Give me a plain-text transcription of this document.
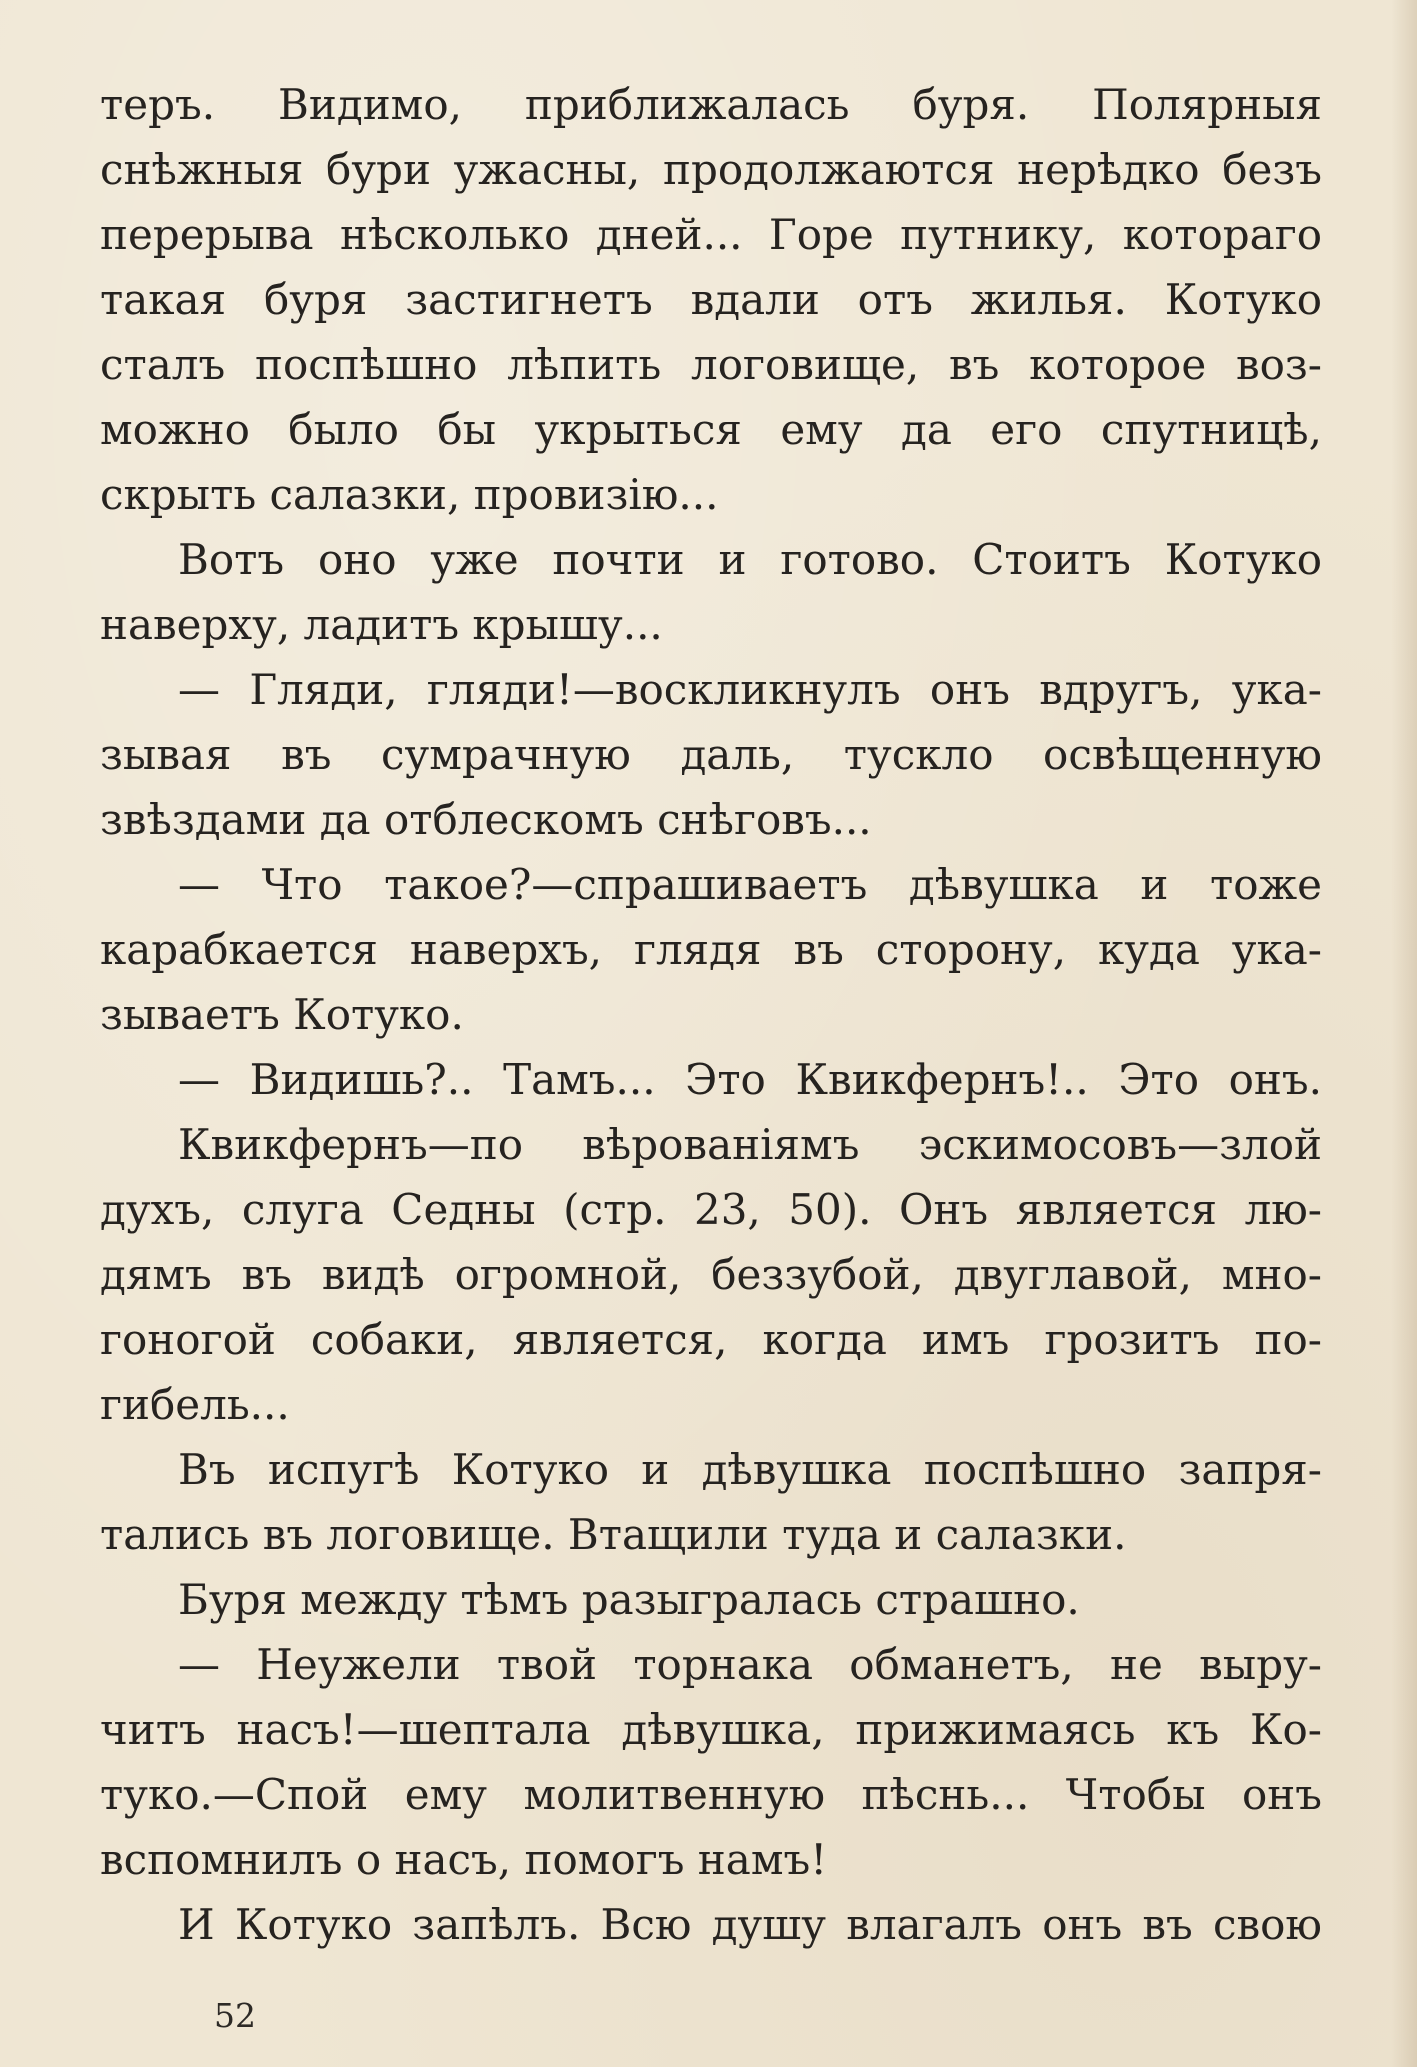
теръ. Видимо, приближалась буря. Полярныя
снѣжныя бури ужасны, продолжаются нерѣдко безъ
перерыва нѣсколько дней... Горе путнику, котораго
такая буря застигнетъ вдали отъ жилья. Котуко
сталъ поспѣшно лѣпить логовище, въ которое воз-
можно было бы укрыться ему да его спутницѣ,
скрыть салазки, провизію...
Вотъ оно уже почти и готово. Стоитъ Котуко
наверху, ладитъ крышу...
— Гляди, гляди!—воскликнулъ онъ вдругъ, ука-
зывая въ сумрачную даль, тускло освѣщенную
звѣздами да отблескомъ снѣговъ...
— Что такое?—спрашиваетъ дѣвушка и тоже
карабкается наверхъ, глядя въ сторону, куда ука-
зываетъ Котуко.
— Видишь?.. Тамъ... Это Квикфернъ!.. Это онъ.
Квикфернъ—по вѣрованіямъ эскимосовъ—злой
духъ, слуга Седны (стр. 23, 50). Онъ является лю-
дямъ въ видѣ огромной, беззубой, двуглавой, мно-
гоногой собаки, является, когда имъ грозитъ по-
гибель...
Въ испугѣ Котуко и дѣвушка поспѣшно запря-
тались въ логовище. Втащили туда и салазки.
Буря между тѣмъ разыгралась страшно.
— Неужели твой торнака обманетъ, не выру-
читъ насъ!—шептала дѣвушка, прижимаясь къ Ко-
туко.—Спой ему молитвенную пѣснь... Чтобы онъ
вспомнилъ о насъ, помогъ намъ!
И Котуко запѣлъ. Всю душу влагалъ онъ въ свою
52
